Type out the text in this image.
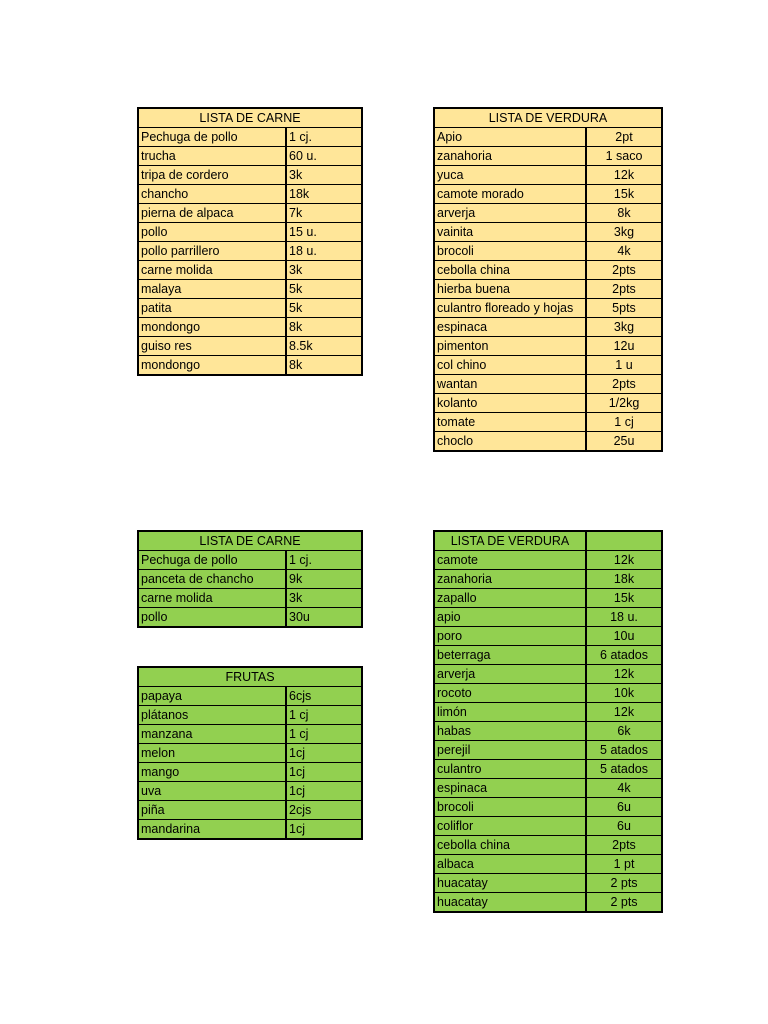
LISTA DE CARNE	
Pechuga de pollo	1 cj.
trucha	60 u.
tripa de cordero	3k
chancho	18k
pierna de alpaca	7k
pollo	15 u.
pollo parrillero	18 u.
carne molida	3k
malaya	5k
patita	5k
mondongo	8k
guiso res	8.5k
mondongo	8k
LISTA DE VERDURA	
Apio	2pt
zanahoria	1 saco
yuca	12k
camote morado	15k
arverja	8k
vainita	3kg
brocoli	4k
cebolla china	2pts
hierba buena	2pts
culantro floreado y hojas	5pts
espinaca	3kg
pimenton	12u
col chino	1 u
wantan	2pts
kolanto	1/2kg
tomate	1 cj
choclo	25u
LISTA DE CARNE	
Pechuga de pollo	1 cj.
panceta de chancho	9k
carne molida	3k
pollo	30u
FRUTAS	
papaya	6cjs
plátanos	1 cj
manzana	1 cj
melon	1cj
mango	1cj
uva	1cj
piña	2cjs
mandarina	1cj
LISTA DE VERDURA	
camote	12k
zanahoria	18k
zapallo	15k
apio	18 u.
poro	10u
beterraga	6 atados
arverja	12k
rocoto	10k
limón	12k
habas	6k
perejil	5 atados
culantro	5 atados
espinaca	4k
brocoli	6u
coliflor	6u
cebolla china	2pts
albaca	1 pt
huacatay	2 pts
huacatay	2 pts
